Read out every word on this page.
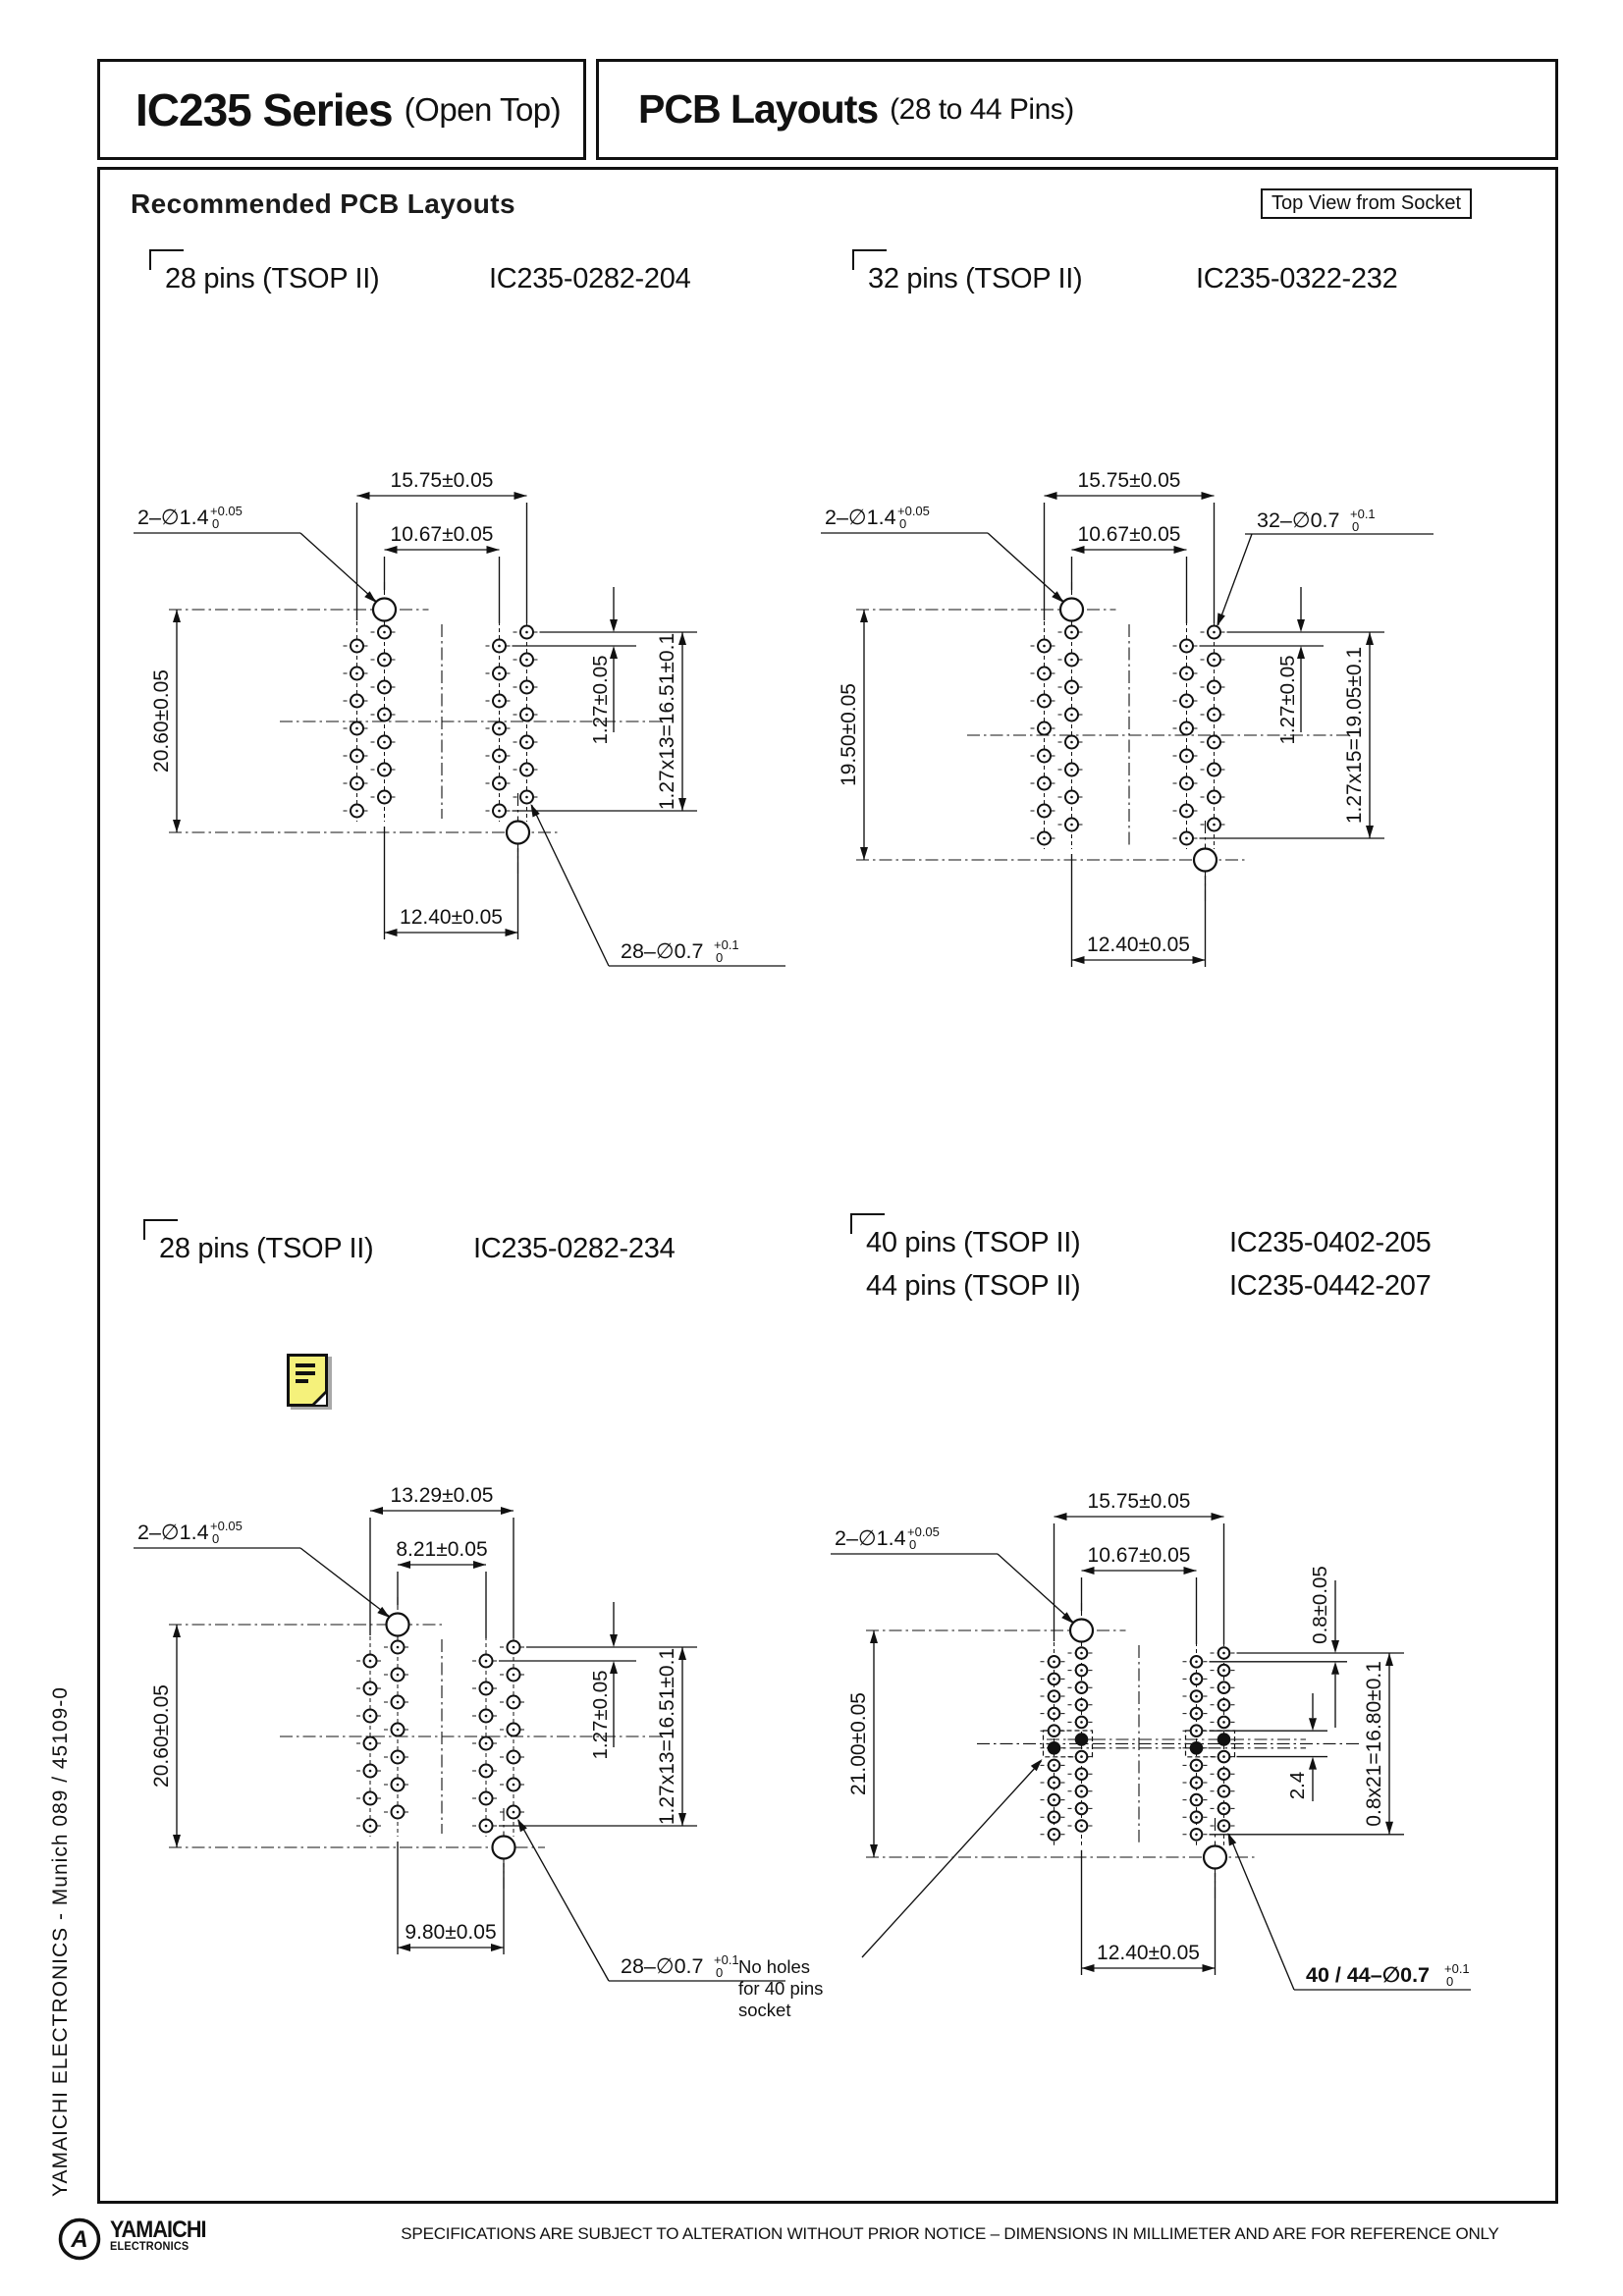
YAMAICHI ELECTRONICS - Munich 089 / 45109-0
IC235 Series (Open Top) PCB Layouts (28 to 44 Pins)
Recommended PCB Layouts	Top View from Socket
28 pins (TSOP II)	IC235-0282-204	32 pins (TSOP II)	IC235-0322-232
28 pins (TSOP II)	IC235-0282-234	40 pins (TSOP II)	IC235-0402-205
44 pins (TSOP II)	IC235-0442-207
15.75±0.05
10.67±0.05
2–∅1.4 +0.05
0
20.60±0.05	1.27x13=16.51±0.1
1.27±0.05
12.40±0.05
28–∅0.7 +0.1
0
15.75±0.05
10.67±0.05
2–∅1.4 +0.05
0
19.50±0.05	1.27x15=19.05±0.1
1.27±0.05
12.40±0.05
32–∅0.7 +0.1
0
13.29±0.05
8.21±0.05
2–∅1.4 +0.05
0
20.60±0.05	1.27x13=16.51±0.1
1.27±0.05
9.80±0.05
28–∅0.7 +0.1
0
15.75±0.05
10.67±0.05
2–∅1.4 +0.05
0
21.00±0.05	0.8x21=16.80±0.1
0.8±0.05
2.4
12.40±0.05
40 / 44–∅0.7 +0.1
0
No holes
for 40 pins
socket
A YAMAICHI
ELECTRONICS
SPECIFICATIONS ARE SUBJECT TO ALTERATION WITHOUT PRIOR NOTICE – DIMENSIONS IN MILLIMETER AND ARE FOR REFERENCE ONLY
